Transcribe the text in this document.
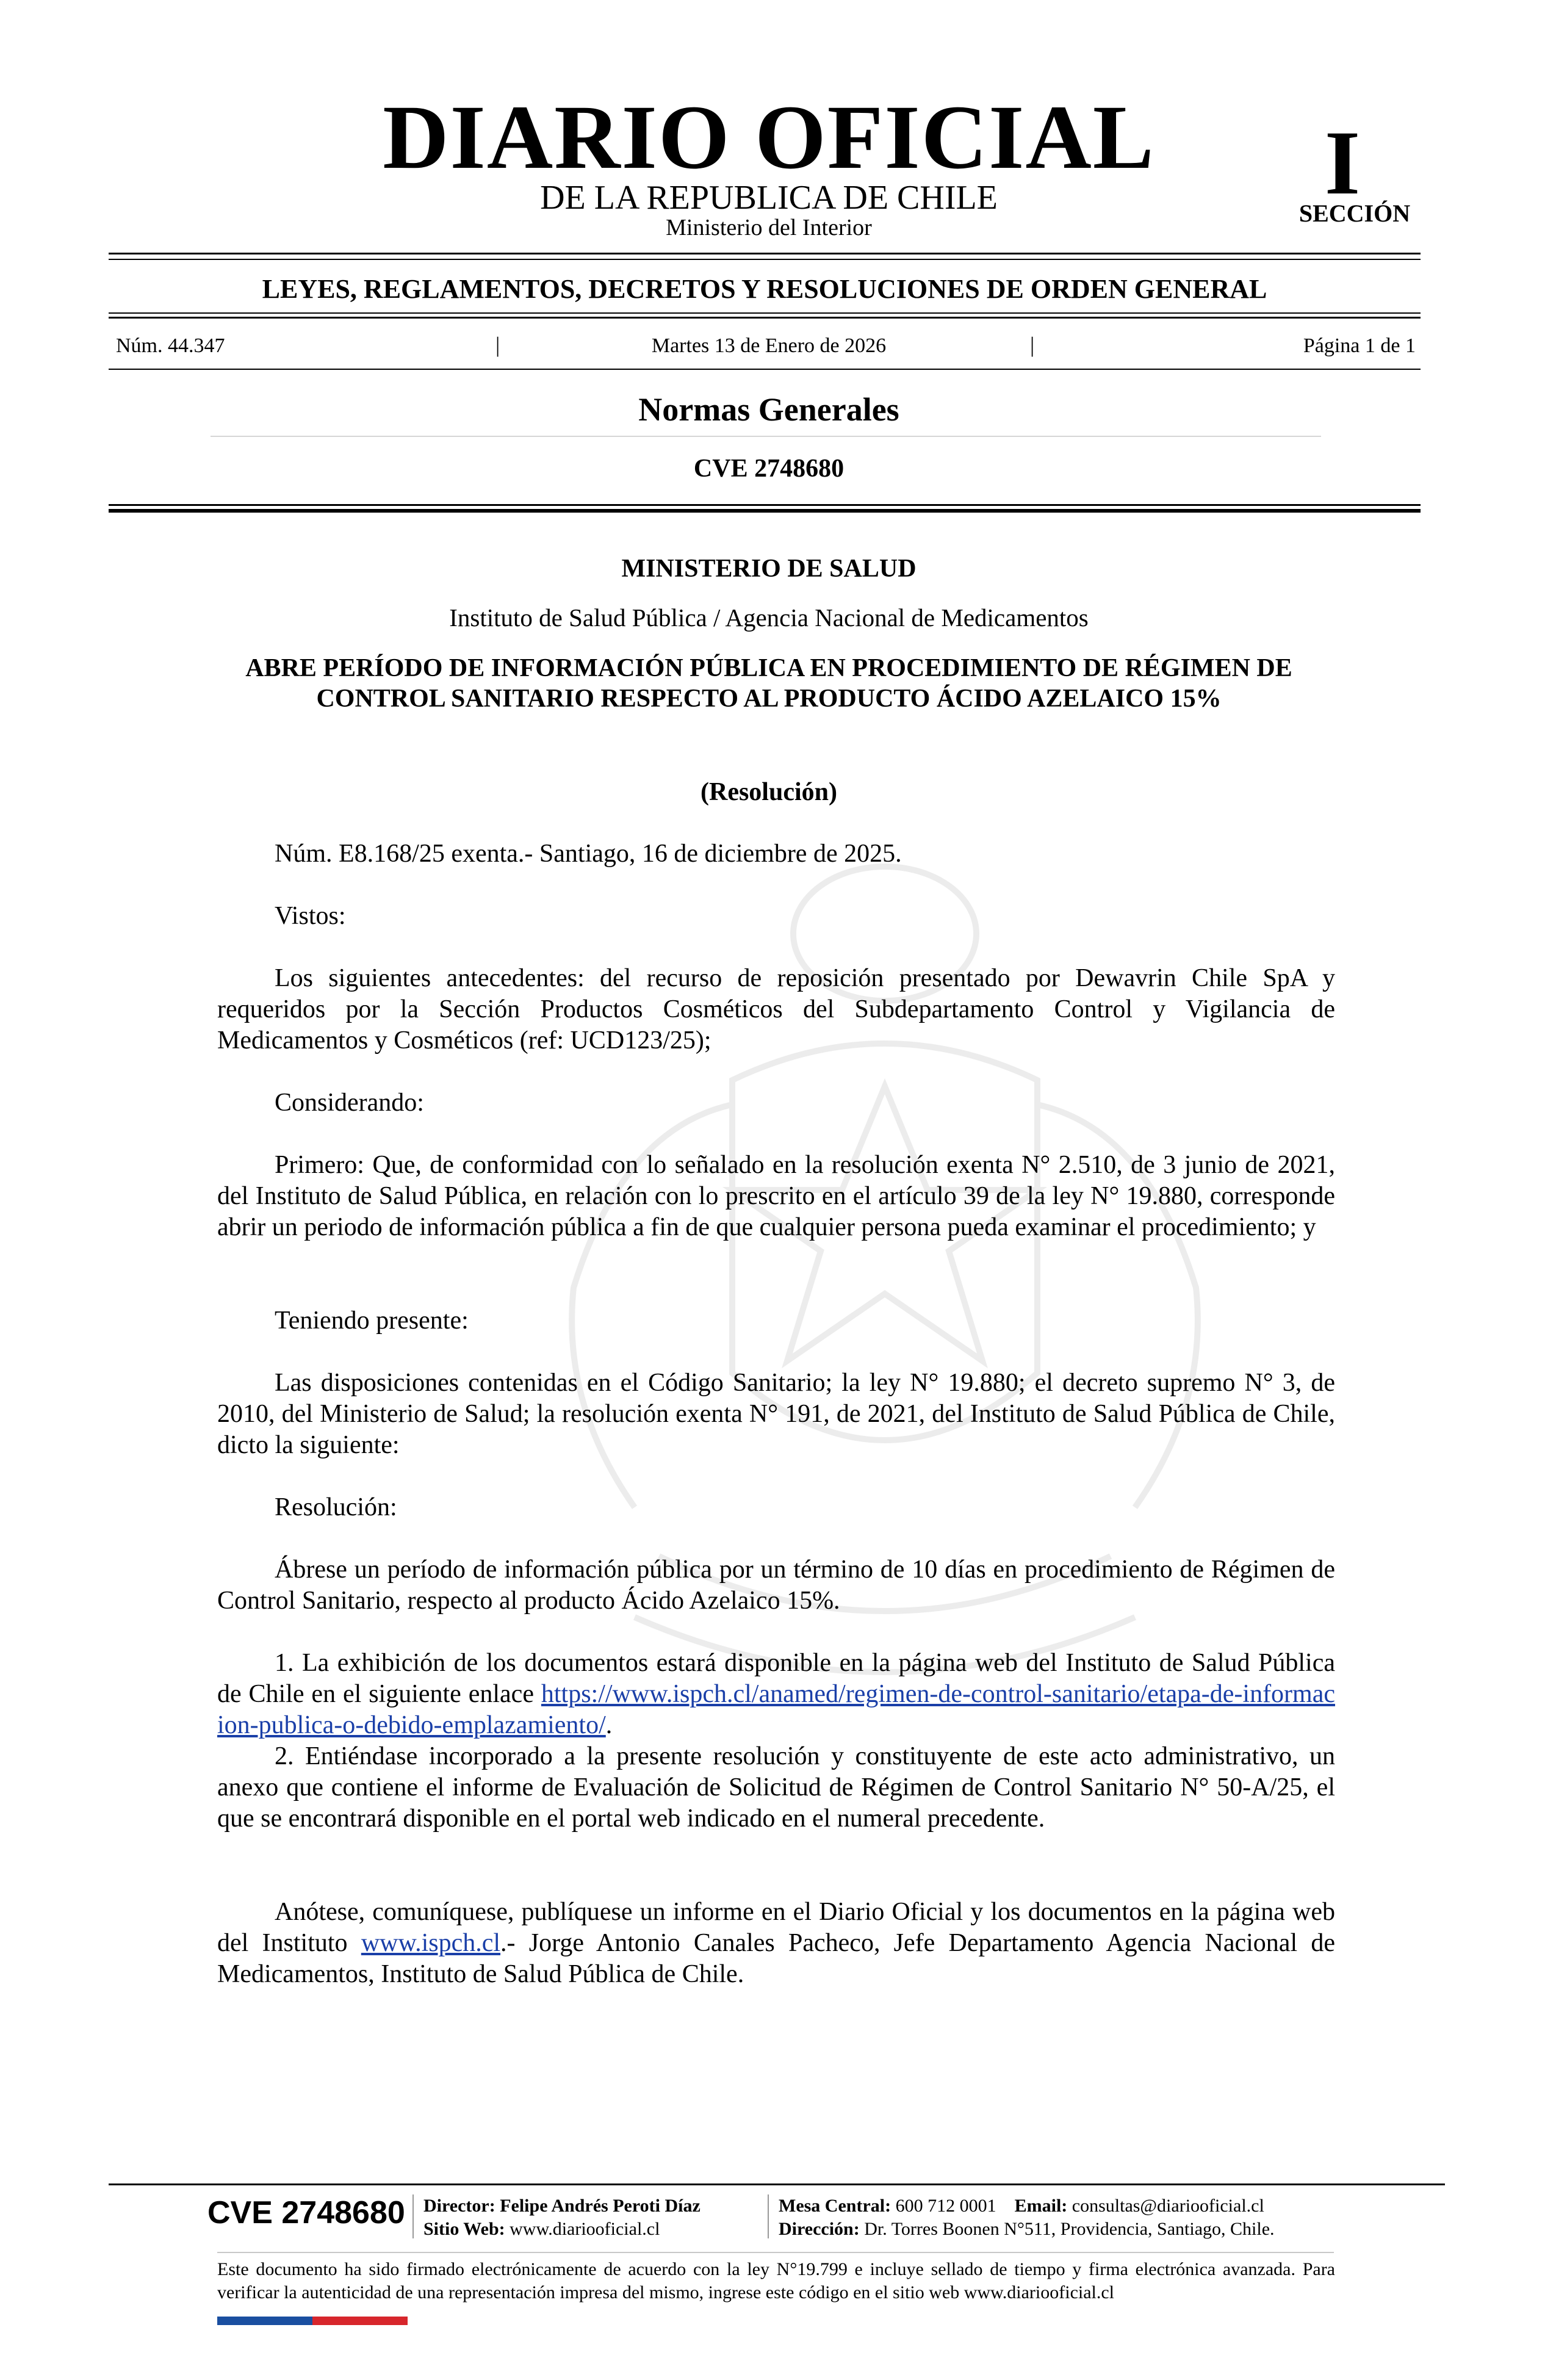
DIARIO OFICIAL
DE LA REPUBLICA DE CHILE
Ministerio del Interior
I
SECCIÓN
LEYES, REGLAMENTOS, DECRETOS Y RESOLUCIONES DE ORDEN GENERAL
Núm. 44.347	|	Martes 13 de Enero de 2026	|	Página 1 de 1
Normas Generales
CVE 2748680
MINISTERIO DE SALUD
Instituto de Salud Pública / Agencia Nacional de Medicamentos
ABRE PERÍODO DE INFORMACIÓN PÚBLICA EN PROCEDIMIENTO DE RÉGIMEN DE CONTROL SANITARIO RESPECTO AL PRODUCTO ÁCIDO AZELAICO 15%
(Resolución)

Núm. E8.168/25 exenta.- Santiago, 16 de diciembre de 2025.

Vistos:

Los siguientes antecedentes: del recurso de reposición presentado por Dewavrin Chile SpA y requeridos por la Sección Productos Cosméticos del Subdepartamento Control y Vigilancia de Medicamentos y Cosméticos (ref: UCD123/25);

Considerando:

Primero: Que, de conformidad con lo señalado en la resolución exenta N° 2.510, de 3 junio de 2021, del Instituto de Salud Pública, en relación con lo prescrito en el artículo 39 de la ley N° 19.880, corresponde abrir un periodo de información pública a fin de que cualquier persona pueda examinar el procedimiento; y

Teniendo presente:

Las disposiciones contenidas en el Código Sanitario; la ley N° 19.880; el decreto supremo N° 3, de 2010, del Ministerio de Salud; la resolución exenta N° 191, de 2021, del Instituto de Salud Pública de Chile, dicto la siguiente:

Resolución:

Ábrese un período de información pública por un término de 10 días en procedimiento de Régimen de Control Sanitario, respecto al producto Ácido Azelaico 15%.

1. La exhibición de los documentos estará disponible en la página web del Instituto de Salud Pública de Chile en el siguiente enlace https://www.ispch.cl/anamed/regimen-de-control-sanitario/etapa-de-informacion-publica-o-debido-emplazamiento/.

2. Entiéndase incorporado a la presente resolución y constituyente de este acto administrativo, un anexo que contiene el informe de Evaluación de Solicitud de Régimen de Control Sanitario N° 50-A/25, el que se encontrará disponible en el portal web indicado en el numeral precedente.

Anótese, comuníquese, publíquese un informe en el Diario Oficial y los documentos en la página web del Instituto www.ispch.cl.- Jorge Antonio Canales Pacheco, Jefe Departamento Agencia Nacional de Medicamentos, Instituto de Salud Pública de Chile.

CVE 2748680 Director: Felipe Andrés Peroti Díaz
Sitio Web: www.diariooficial.cl
Mesa Central: 600 712 0001 Email: consultas@diariooficial.cl
Dirección: Dr. Torres Boonen N°511, Providencia, Santiago, Chile.
Este documento ha sido firmado electrónicamente de acuerdo con la ley N°19.799 e incluye sellado de tiempo y firma electrónica avanzada. Para verificar la autenticidad de una representación impresa del mismo, ingrese este código en el sitio web www.diariooficial.cl
